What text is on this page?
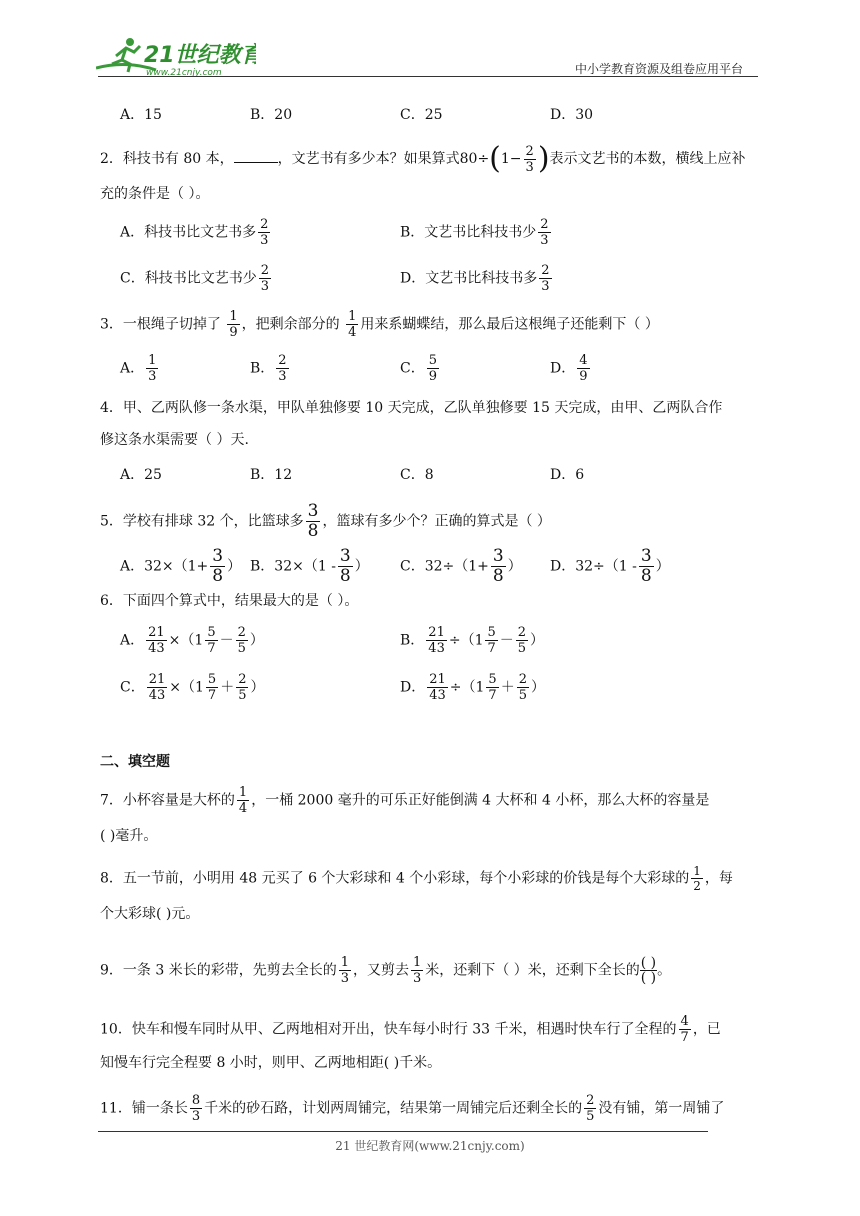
21世纪教育
www.21cnjy.com	中小学教育资源及组卷应用平台
A．15	B．20	C．25	D．30
2．科技书有 80 本，	，文艺书有多少本？如果算式$80\div(1- \frac{2}{3}$ )表示文艺书的本数，横线上应补
充的条件是（ ）。
A．科技书比文艺书多 $\frac{2}{3}$	B．文艺书比科技书少 $\frac{2}{3}$
C．科技书比文艺书少 $\frac{2}{3}$	D．文艺书比科技书多 $\frac{2}{3}$
3．一根绳子切掉了 $\frac{1}{9}$ ，把剩余部分的 $\frac{1}{4}$ 用来系蝴蝶结，那么最后这根绳子还能剩下（ ）
A． $\frac{1}{3}$	B． $\frac{2}{3}$	C． $\frac{5}{9}$	D． $\frac{4}{9}$
4．甲、乙两队修一条水渠，甲队单独修要 10 天完成，乙队单独修要 15 天完成，由甲、乙两队合作
修这条水渠需要（ ）天.
A．25	B．12	C．8	D．6
5．学校有排球 32 个，比篮球多 $\frac{3}{8}$ ，篮球有多少个？正确的算式是（ ）
A．$32\times(1+ \frac{3}{8}$ ） B．$32\times(1 - \frac{3}{8}$ ） C．$32\div(1+ \frac{3}{8}$ ） D．$32\div(1 - \frac{3}{8}$ ）
6．下面四个算式中，结果最大的是（ ）。
A． $\frac{21}{43} \times(1 \frac{5}{7} - \frac{2}{5}$ ）	B． $\frac{21}{43} \div(1 \frac{5}{7} - \frac{2}{5}$ ）
C． $\frac{21}{43} \times(1 \frac{5}{7} + \frac{2}{5}$ ）	D． $\frac{21}{43} \div(1 \frac{5}{7} + \frac{2}{5}$ ）
二、填空题
7．小杯容量是大杯的 $\frac{1}{4}$ ，一桶 2000 毫升的可乐正好能倒满 4 大杯和 4 小杯，那么大杯的容量是
( )毫升。
8．五一节前，小明用 48 元买了 6 个大彩球和 4 个小彩球，每个小彩球的价钱是每个大彩球的 $\frac{1}{2}$ ，每
个大彩球( )元。
9．一条 3 米长的彩带，先剪去全长的 $\frac{1}{3}$ ，又剪去 $\frac{1}{3}$ 米，还剩下（ ）米，还剩下全长的 ( )
( ) 。
10．快车和慢车同时从甲、乙两地相对开出，快车每小时行 33 千米，相遇时快车行了全程的 $\frac{4}{7}$ ，已
知慢车行完全程要 8 小时，则甲、乙两地相距( )千米。
11．铺一条长 $\frac{8}{3}$ 千米的砂石路，计划两周铺完，结果第一周铺完后还剩全长的 $\frac{2}{5}$ 没有铺，第一周铺了
21 世纪教育网(www.21cnjy.com)
